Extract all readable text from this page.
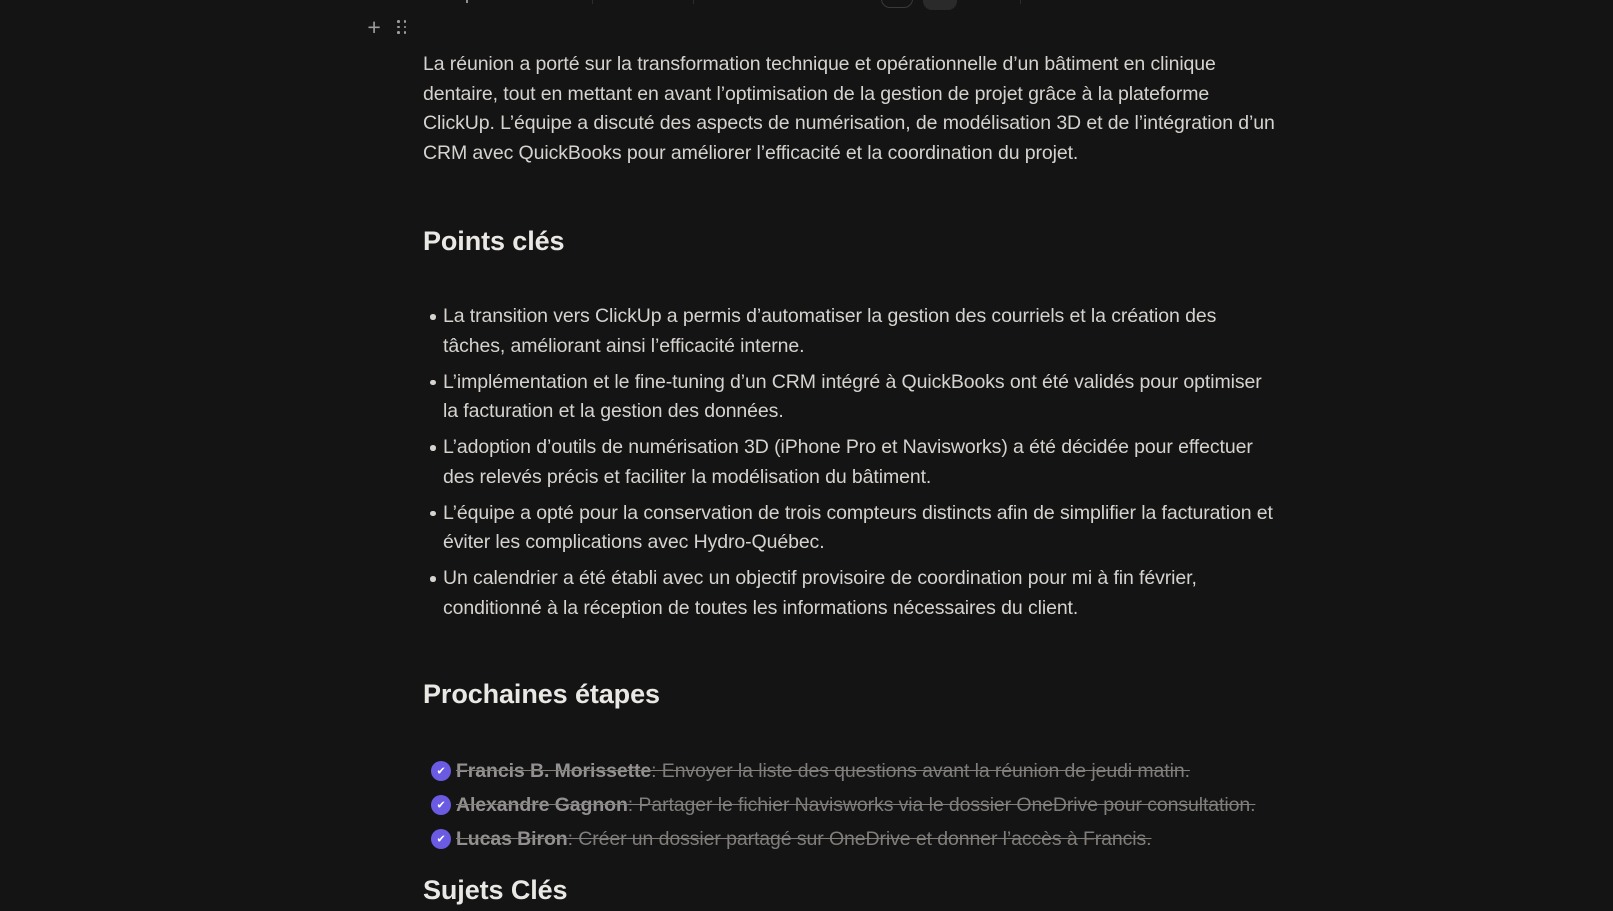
+

La réunion a porté sur la transformation technique et opérationnelle d’un bâtiment en clinique dentaire, tout en mettant en avant l’optimisation de la gestion de projet grâce à la plateforme ClickUp. L’équipe a discuté des aspects de numérisation, de modélisation 3D et de l’intégration d’un CRM avec QuickBooks pour améliorer l’efficacité et la coordination du projet.

Points clés
La transition vers ClickUp a permis d’automatiser la gestion des courriels et la création des tâches, améliorant ainsi l’efficacité interne.
L’implémentation et le fine-tuning d’un CRM intégré à QuickBooks ont été validés pour optimiser la facturation et la gestion des données.
L’adoption d’outils de numérisation 3D (iPhone Pro et Navisworks) a été décidée pour effectuer des relevés précis et faciliter la modélisation du bâtiment.
L’équipe a opté pour la conservation de trois compteurs distincts afin de simplifier la facturation et éviter les complications avec Hydro-Québec.
Un calendrier a été établi avec un objectif provisoire de coordination pour mi à fin février, conditionné à la réception de toutes les informations nécessaires du client.
Prochaines étapes
✔ Francis B. Morissette: Envoyer la liste des questions avant la réunion de jeudi matin.
✔ Alexandre Gagnon: Partager le fichier Navisworks via le dossier OneDrive pour consultation.
✔ Lucas Biron: Créer un dossier partagé sur OneDrive et donner l’accès à Francis.
Sujets Clés
